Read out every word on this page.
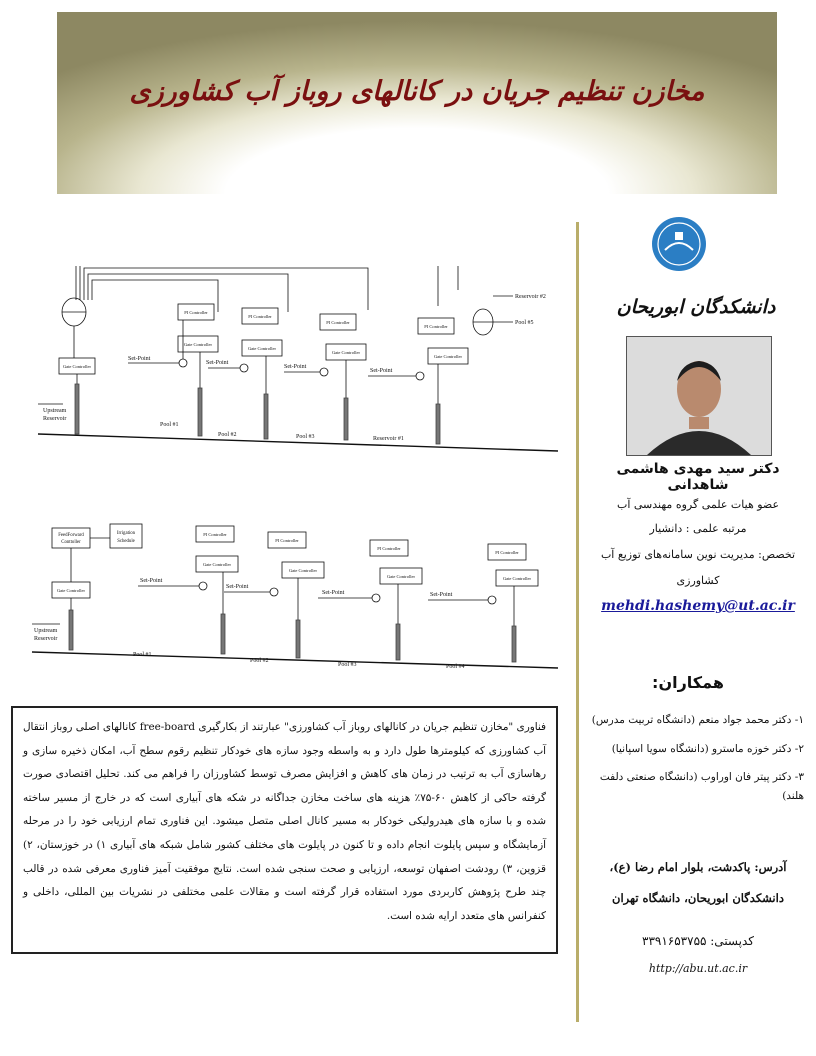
مخازن تنظیم جریان در کانالهای روباز آب کشاورزی
Gate Controller
Upstream
Reservoir
PI Controller
Gate Controller
Set-Point
Pool #1
PI Controller
Gate Controller
Set-Point
Pool #2
PI Controller
Gate Controller
Set-Point
Pool #3
PI Controller
Gate Controller
Set-Point
Reservoir #1
Reservoir #2
Pool #5
FeedForward
Conttoller
Irrigation
Schedule
Gate Controller
Upstream
Reservoir
PI Controller
Gate Controller
Set-Point
Pool #1
PI Controller
Gate Controller
Set-Point
Pool #2
PI Controller
Gate Controller
Set-Point
Pool #3
PI Controller
Gate Controller
Set-Point
Pool #4
دانشکدگان ابوریحان
دکتر سید مهدی هاشمی شاهدانی
عضو هیات علمی گروه مهندسی آب
مرتبه علمی : دانشیار
تخصص: مدیریت نوین سامانه‌های توزیع آب
کشاورزی
mehdi.hashemy@ut.ac.ir
همکاران:
۱- دکتر محمد جواد منعم (دانشگاه تربیت مدرس)
۲- دکتر خوزه ماسترو (دانشگاه سویا اسپانیا)
۳- دکتر پیتر فان اوراوب (دانشگاه صنعتی دلفت هلند)
آدرس: پاکدشت، بلوار امام رضا (ع)،
دانشکدگان ابوریحان، دانشگاه تهران
کدپستی: ۳۳۹۱۶۵۳۷۵۵
http://abu.ut.ac.ir

فناوری "مخازن تنظیم جریان در کانالهای روباز آب کشاورزی" عبارتند از بکارگیری free-board کانالهای اصلی روباز انتقال آب کشاورزی که کیلومترها طول دارد و به واسطه وجود سازه های خودکار تنظیم رقوم سطح آب، امکان ذخیره سازی و رهاسازی آب به ترتیب در زمان های کاهش و افزایش مصرف توسط کشاورزان را فراهم می کند. تحلیل اقتصادی صورت گرفته حاکی از کاهش ۶۰-۷۵٪ هزینه های ساخت مخازن جداگانه در شکه های آبیاری است که در خارج از مسیر ساخته شده و با سازه های هیدرولیکی خودکار به مسیر کانال اصلی متصل میشود. این فناوری تمام ارزیابی خود را در مرحله آزمایشگاه و سپس پایلوت انجام داده و تا کنون در پایلوت های مختلف کشور شامل شبکه های آبیاری ۱) در خوزستان، ۲) قزوین، ۳) رودشت اصفهان توسعه، ارزیابی و صحت سنجی شده است. نتایج موفقیت آمیز فناوری معرفی شده در قالب چند طرح پژوهش کاربردی مورد استفاده قرار گرفته است و مقالات علمی مختلفی در نشریات بین المللی، داخلی و کنفرانس های متعدد ارایه شده است.
